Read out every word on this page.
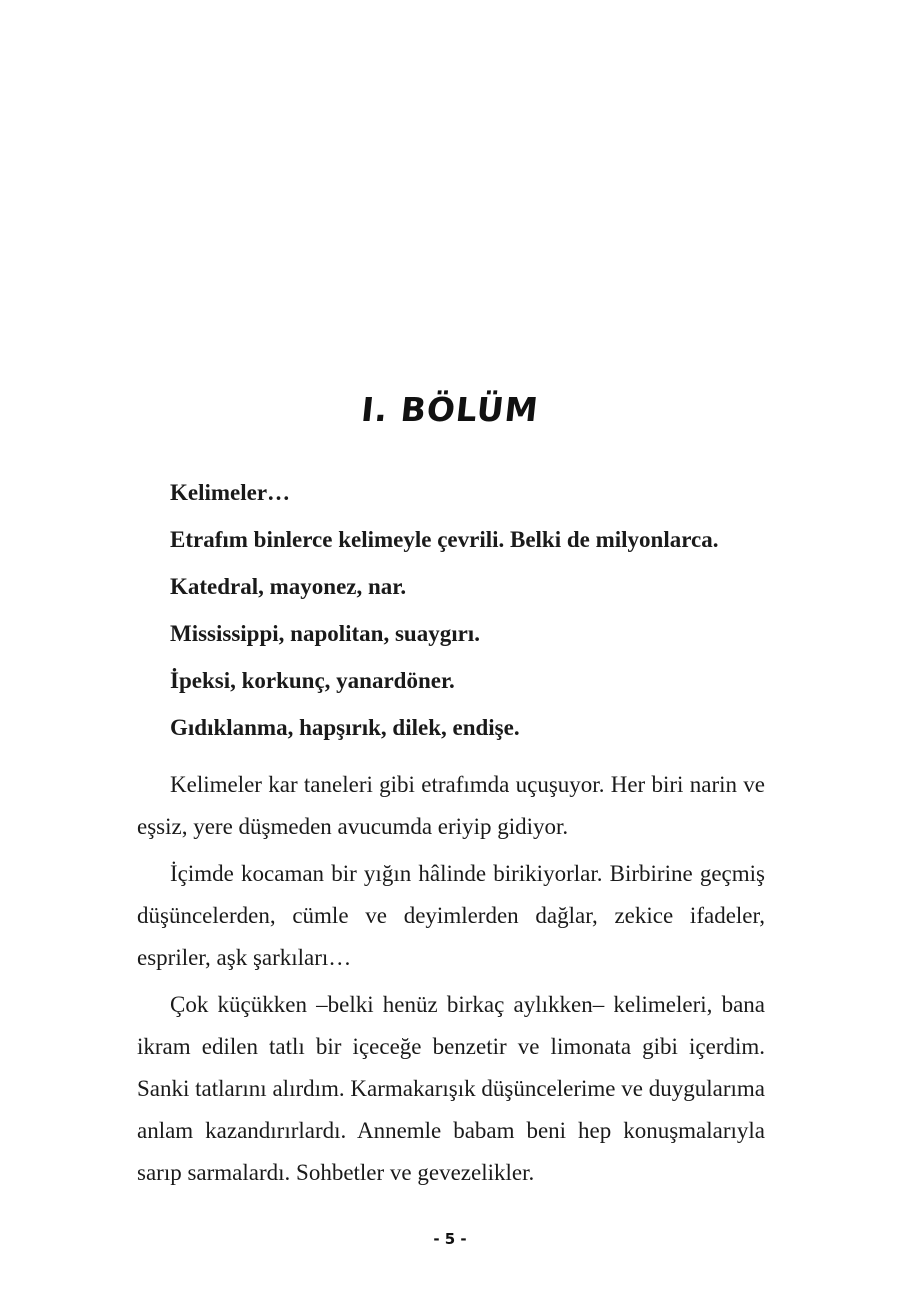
I. BÖLÜM

Kelimeler…

Etrafım binlerce kelimeyle çevrili. Belki de milyonlarca.

Katedral, mayonez, nar.

Mississippi, napolitan, suaygırı.

İpeksi, korkunç, yanardöner.

Gıdıklanma, hapşırık, dilek, endişe.

Kelimeler kar taneleri gibi etrafımda uçuşuyor. Her biri narin ve eşsiz, yere düşmeden avucumda eriyip gidiyor.

İçimde kocaman bir yığın hâlinde birikiyorlar. Birbirine geçmiş düşüncelerden, cümle ve deyimlerden dağlar, zekice ifadeler, espriler, aşk şarkıları…

Çok küçükken –belki henüz birkaç aylıkken– kelimeleri, bana ikram edilen tatlı bir içeceğe benzetir ve limonata gibi içerdim. Sanki tatlarını alırdım. Karmakarışık düşüncelerime ve duygularıma anlam kazandırırlardı. Annemle babam beni hep konuşmalarıyla sarıp sarmalardı. Sohbetler ve gevezelikler.

- 5 -
